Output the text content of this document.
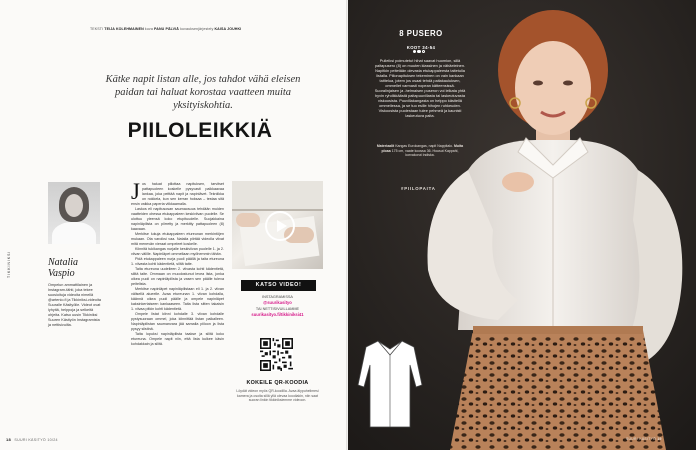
TEKSTI TEIJA KOLEHMAINEN kuva PANU PÄLVIÄ kuvauksenjärjestely KAISA JOUHKI
Kätke napit listan alle, jos tahdot vähä eleisen paidan tai haluat korostaa vaatteen muita yksityiskohtia.
PIILOLEIKKIÄ
TIKKINIKSI	Natalia
Vaspio
Ompelun ammattilainen ja Instagram-tähti, joka tekee suosioituja videoita nimellä @artenio.fi ja Tikkiniksi-videoita Suuralle Käsityölle. Videot ovat lyhyitä, helppoja ja selkeitä ohjeita. Katso uusin Tikkiniksi Suuren Käsityön Instagramista ja nettisivuilta.
J os haluat piilottaa napituksen, tarvitset pattapuoleen koskelle pysyvasti paikkaavaa lankaa, joka peittää napit ja napinlävet. Tekniikka on nokkela, kun sen kerran hoksaa – testaa sitä ensin vaikka paperia viikkaamalla.
Laskos eli napitusosan saumaosuus tehdään muiden vaatteiden ohessa etukappaleen keskiviivan puolelle. Se ulottuu yleensä koko etupituudelle. Suojakkaina napinläpilista on piirretty ja merkitty pattapuoleen (8) kaavaan.
Merkitse lukuja etukappaleen etureunan merkintöjen mukaan. Ota varoiksi vaa. Natalia piirtää videolla viivat mitä menevän vieraat ompeleet koskelle.
Kiinnitä tukikangas nurjalle keskiviivan puolelle 1. ja 2. viivan välille. Napinläpet ommellaan myöhemmin tähän.
Pidä etukappaleen nurja puoli päällä ja taita etureuna 1. viivasta kohti kädentietä, silitä taite.
Taita etureuna uudelleen 2. viivasta kohti kädentietä, silitä taite. Ommaan on muodostunut levea lista, jonka oikea puoli on napinläpilista ja vasen sen päälle tuleva peitelista.
Merkitse napinläpet napinläpilistaan eli 1. ja 2. viivan välisellä alueelle. Avaa etureunan 1. viivan kohdalla, käännä oikea puoli päälle ja ompele napinläpet kaksinkertaiseen kankaaseen. Taita lista sitten takaisin 1. viivaa pitkin kohti kädentietä.
Ompele listat kiinni kohdalle 3. viivan kohdalle pystysuoraan ommel, joka kiinnittää listan paikalleen. Napinläpilistan saumanvara jää samalla piiloon ja lista pysyy siistinä.
Taita lopuksi napinläpilista taakse ja silitä koko etureuna. Ompele napit niin, että lista kulkee käsin kohdakkain ja silitä.
KATSO VIDEO!
INSTAGRAMISSA
@suurikasityo
TAI NETTISIVUILLAMME
suurikasityo.fi/tikkiniksi41
KOKEILE QR-KOODIA
Löydät videon myös QR-koodilla. Avaa älypuhelimesi kamera ja osoita sillä yllä olevaa koodiakin, niin saat suoran linkin tikkiniksiemme videoon.
18 SUURI KÄSITYÖ 10/24
Pulleiksi poimutetut hihat saavat huomion, sillä paitapusero (8) on muuten klassinen ja vähäeleinen. Napitkin peitetään olevasta etukappaleesta taitetulla listalla. Piilonapituksen tekeminen on vain kankaan taittelua, jotem jos osaat tehdä paitakauluksen, ommellet varmasti nopean kätteensissä. Suoralinjaisen ja -helmaisen puseron voi lelkata yhtä hyvin ryhdikkäästä paitapuuvillasta tai laskeutuvasta viskoosista. Puuvillakangasta on helppo käsitellä ommellessa, ja se tuo esille hihojen ruhkeuden. Viskoosista puolestaan tulee pehmeä ja kaunisti laskeutuva paita.
Materiaalit Kangas Eurokangas, napit Nappitalo. Muita ploaa 175 cm, vaate koossa 36. Housut Kappahl, korvakorut Indiska.
#PIILOPAITA
8 PUSERO
KOOT 34-54
SUURI KÄSITYÖ 19
